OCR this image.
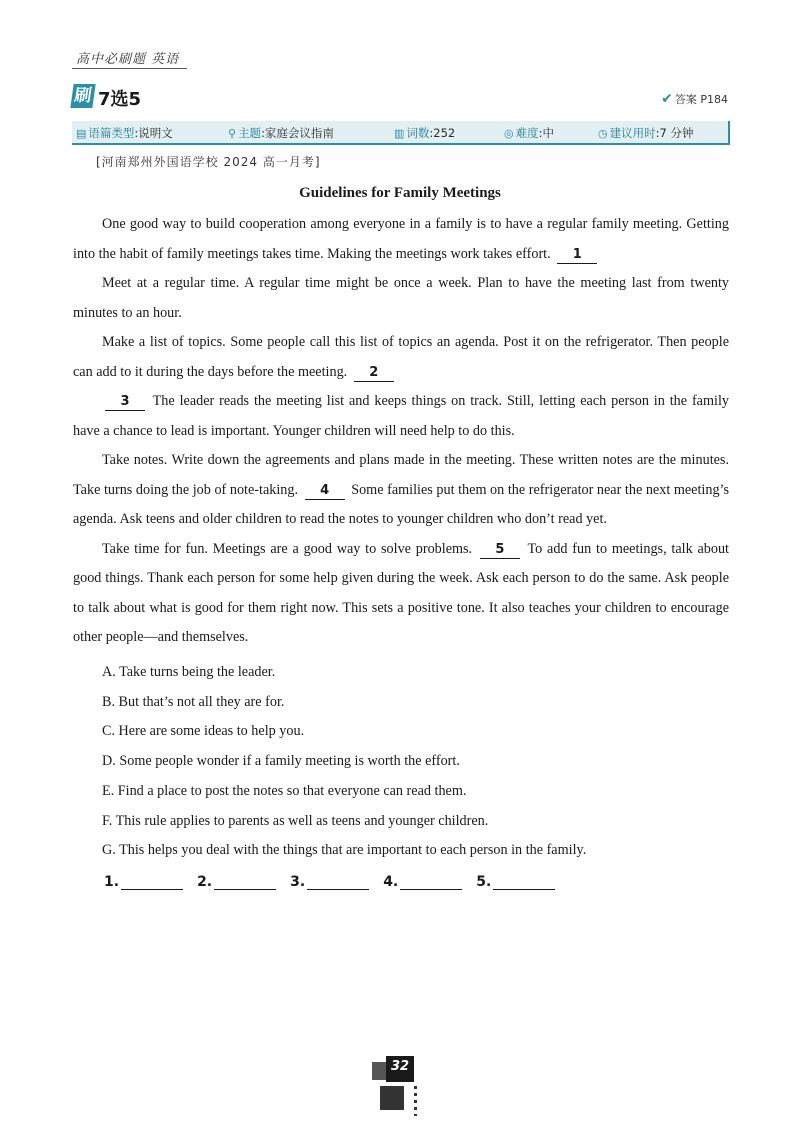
高中必刷题 英语
刷 7选5	✔ 答案 P184
▤ 语篇类型 :说明文	⚲ 主题 :家庭会议指南	▥ 词数 :252	◎ 难度 :中	◷ 建议用时 :7 分钟
[河南郑州外国语学校 2024 高一月考]
Guidelines for Family Meetings

One good way to build cooperation among everyone in a family is to have a regular family meeting. Getting into the habit of family meetings takes time. Making the meetings work takes effort. 1

Meet at a regular time. A regular time might be once a week. Plan to have the meeting last from twenty minutes to an hour.

Make a list of topics. Some people call this list of topics an agenda. Post it on the refrigerator. Then people can add to it during the days before the meeting. 2

3 The leader reads the meeting list and keeps things on track. Still, letting each person in the family have a chance to lead is important. Younger children will need help to do this.

Take notes. Write down the agreements and plans made in the meeting. These written notes are the minutes. Take turns doing the job of note-taking. 4 Some families put them on the refrigerator near the next meeting’s agenda. Ask teens and older children to read the notes to younger children who don’t read yet.

Take time for fun. Meetings are a good way to solve problems. 5 To add fun to meetings, talk about good things. Thank each person for some help given during the week. Ask each person to do the same. Ask people to talk about what is good for them right now. This sets a positive tone. It also teaches your children to encourage other people—and themselves.

A. Take turns being the leader.
B. But that’s not all they are for.
C. Here are some ideas to help you.
D. Some people wonder if a family meeting is worth the effort.
E. Find a place to post the notes so that everyone can read them.
F. This rule applies to parents as well as teens and younger children.
G. This helps you deal with the things that are important to each person in the family.
1.	2.	3.	4.	5.
32
